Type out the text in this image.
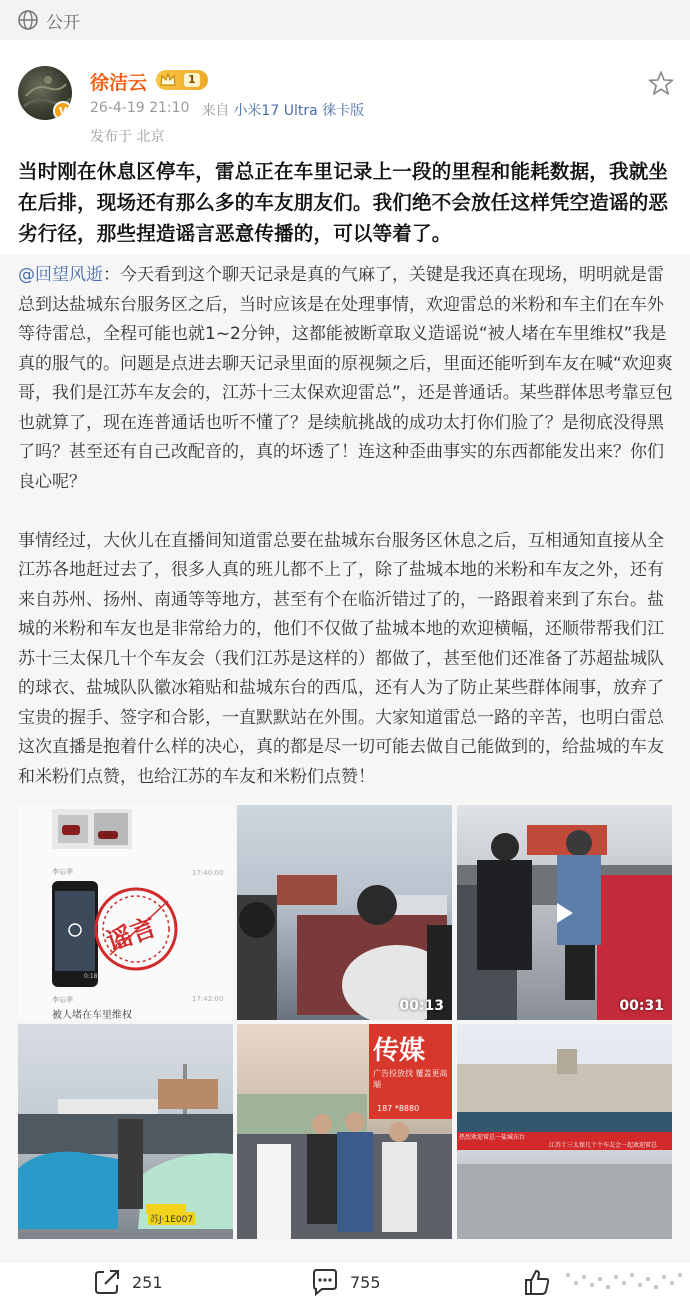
公开
V
徐洁云	1
26-4-19 21:10 来自 小米17 Ultra 徕卡版
发布于 北京
当时刚在休息区停车，雷总正在车里记录上一段的里程和能耗数据，我就坐在后排，现场还有那么多的车友朋友们。我们绝不会放任这样凭空造谣的恶劣行径，那些捏造谣言恶意传播的，可以等着了。

@回望风逝：今天看到这个聊天记录是真的气麻了，关键是我还真在现场，明明就是雷总到达盐城东台服务区之后，当时应该是在处理事情，欢迎雷总的米粉和车主们在车外等待雷总，全程可能也就1~2分钟，这都能被断章取义造谣说“被人堵在车里维权”我是真的服气的。问题是点进去聊天记录里面的原视频之后，里面还能听到车友在喊“欢迎爽哥，我们是江苏车友会的，江苏十三太保欢迎雷总”，还是普通话。某些群体思考靠豆包也就算了，现在连普通话也听不懂了？是续航挑战的成功太打你们脸了？是彻底没得黑了吗？甚至还有自己改配音的，真的坏透了！连这种歪曲事实的东西都能发出来？你们良心呢？

事情经过，大伙儿在直播间知道雷总要在盐城东台服务区休息之后，互相通知直接从全江苏各地赶过去了，很多人真的班儿都不上了，除了盐城本地的米粉和车友之外，还有来自苏州、扬州、南通等等地方，甚至有个在临沂错过了的，一路跟着来到了东台。盐城的米粉和车友也是非常给力的，他们不仅做了盐城本地的欢迎横幅，还顺带帮我们江苏十三太保几十个车友会（我们江苏是这样的）都做了，甚至他们还准备了苏超盐城队的球衣、盐城队队徽冰箱贴和盐城东台的西瓜，还有人为了防止某些群体闹事，放弃了宝贵的握手、签字和合影，一直默默站在外围。大家知道雷总一路的辛苦，也明白雷总这次直播是抱着什么样的决心，真的都是尽一切可能去做自己能做到的，给盐城的车友和米粉们点赞，也给江苏的车友和米粉们点赞！

李忘季	17:40:00
谣言
0:18
李忘季	17:42:00
被人堵在车里维权
00:13	00:31
传媒
广告投放找 覆盖更高端
187 *8880
热烈欢迎雷总一盐城东台
江苏十三太保几十个车友会一起欢迎雷总
苏J·1E007
251	755
